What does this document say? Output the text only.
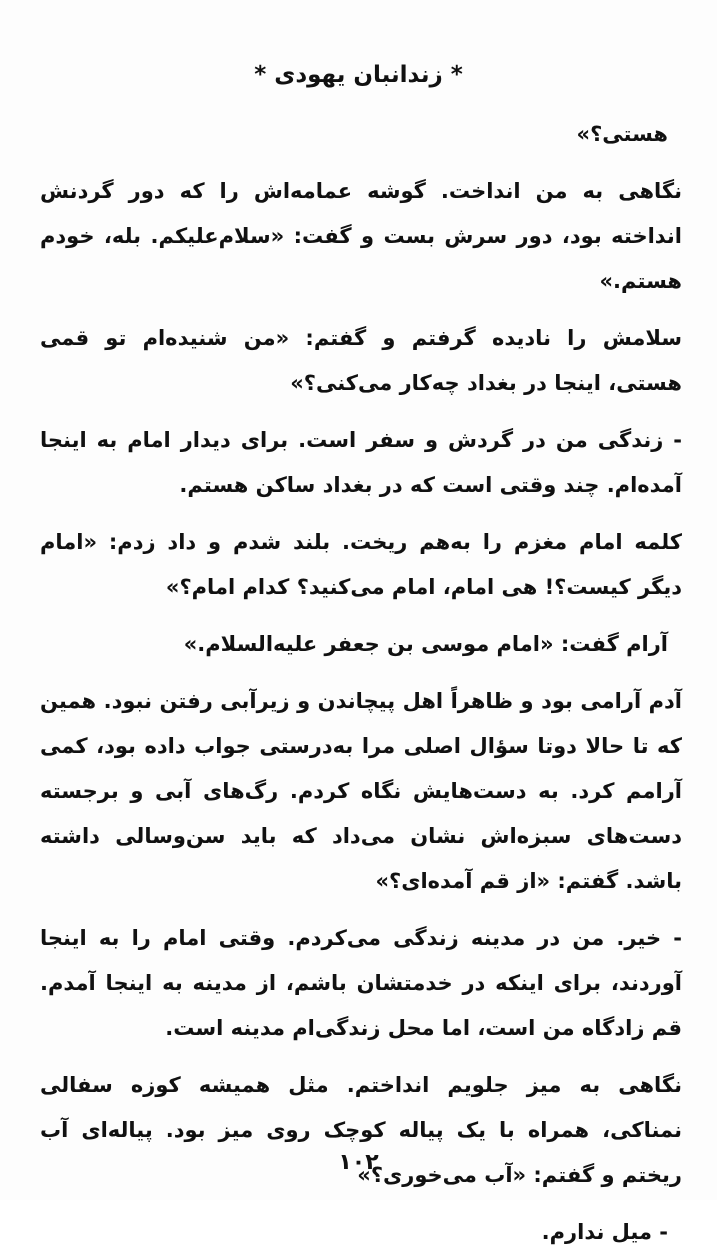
* زندانبان یهودی *

هستی؟»

نگاهی به من انداخت. گوشه عمامه‌اش را که دور گردنش انداخته بود، دور سرش بست و گفت: «سلام‌علیکم. بله، خودم هستم.»

سلامش را نادیده گرفتم و گفتم: «من شنیده‌ام تو قمی هستی، اینجا در بغداد چه‌کار می‌کنی؟»

- زندگی من در گردش و سفر است. برای دیدار امام به اینجا آمده‌ام. چند وقتی است که در بغداد ساکن هستم.

کلمه امام مغزم را به‌هم ریخت. بلند شدم و داد زدم: «امام دیگر کیست؟! هی امام، امام می‌کنید؟ کدام امام؟»

آرام گفت: «امام موسی بن جعفر عليه‌السلام.»

آدم آرامی بود و ظاهراً اهل پیچاندن و زیرآبی رفتن نبود. همین که تا حالا دوتا سؤال اصلی مرا به‌درستی جواب داده بود، کمی آرامم کرد. به دست‌هایش نگاه کردم. رگ‌های آبی و برجسته دست‌های سبزه‌اش نشان می‌داد که باید سن‌وسالی داشته باشد. گفتم: «از قم آمده‌ای؟»

- خیر. من در مدینه زندگی می‌کردم. وقتی امام را به اینجا آوردند، برای اینکه در خدمتشان باشم، از مدینه به اینجا آمدم. قم زادگاه من است، اما محل زندگی‌ام مدینه است.

نگاهی به میز جلویم انداختم. مثل همیشه کوزه سفالی نمناکی، همراه با یک پیاله کوچک روی میز بود. پیاله‌ای آب ریختم و گفتم: «آب می‌خوری؟»

- میل ندارم.

۱۰۲
